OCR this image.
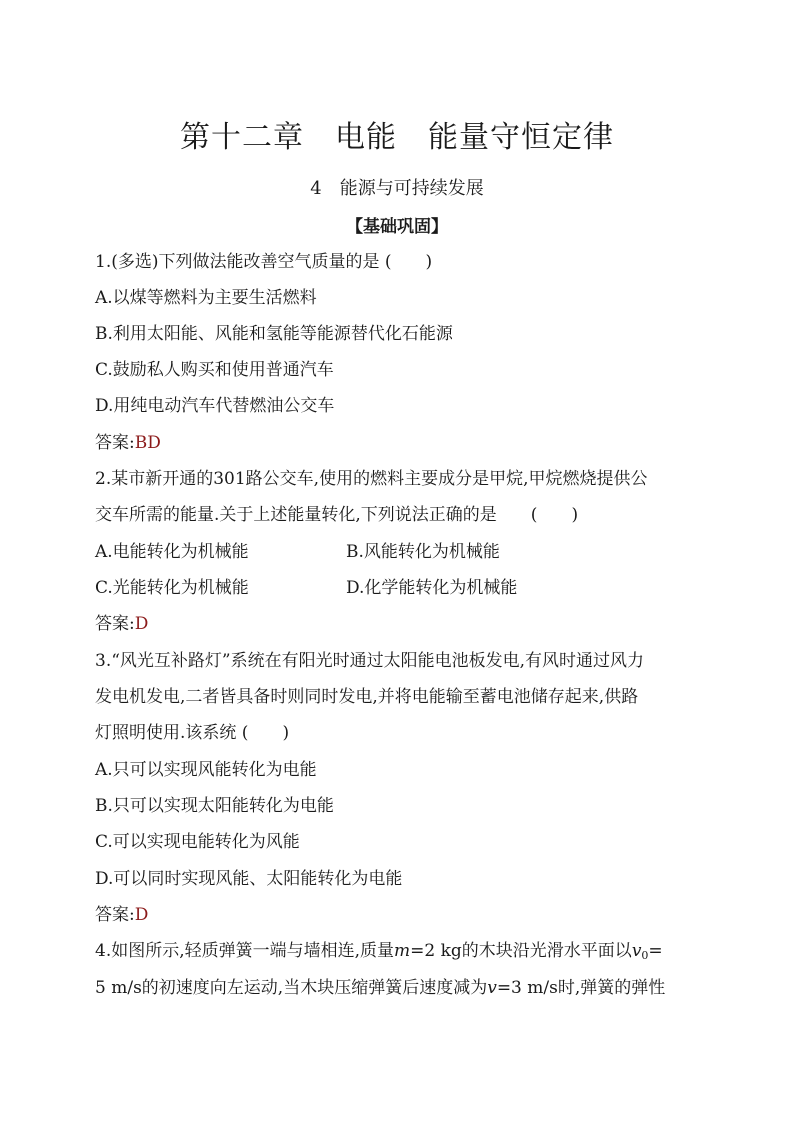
第十二章　电能　能量守恒定律
4　能源与可持续发展
【基础巩固】
1.(多选)下列做法能改善空气质量的是 (　　)
A.以煤等燃料为主要生活燃料
B.利用太阳能、风能和氢能等能源替代化石能源
C.鼓励私人购买和使用普通汽车
D.用纯电动汽车代替燃油公交车
答案:BD
2.某市新开通的301路公交车,使用的燃料主要成分是甲烷,甲烷燃烧提供公
交车所需的能量.关于上述能量转化,下列说法正确的是　　(　　)
A.电能转化为机械能	B.风能转化为机械能
C.光能转化为机械能	D.化学能转化为机械能
答案:D
3.“风光互补路灯”系统在有阳光时通过太阳能电池板发电,有风时通过风力
发电机发电,二者皆具备时则同时发电,并将电能输至蓄电池储存起来,供路
灯照明使用.该系统 (　　)
A.只可以实现风能转化为电能
B.只可以实现太阳能转化为电能
C.可以实现电能转化为风能
D.可以同时实现风能、太阳能转化为电能
答案:D
4.如图所示,轻质弹簧一端与墙相连,质量m=2 kg的木块沿光滑水平面以$v_0=$
5 m/s的初速度向左运动,当木块压缩弹簧后速度减为v=3 m/s时,弹簧的弹性
